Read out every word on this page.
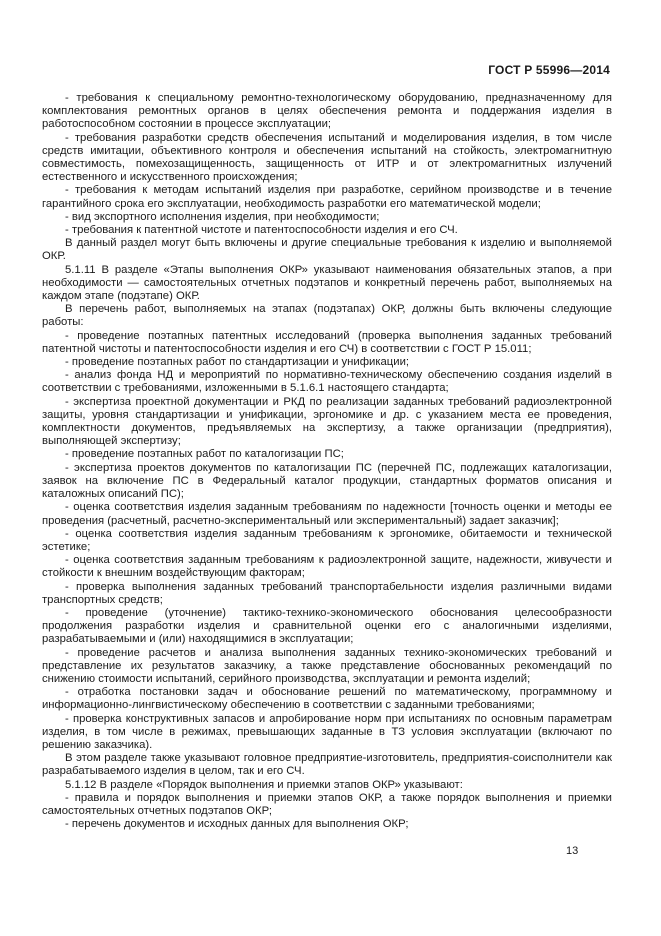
ГОСТ Р 55996—2014

- требования к специальному ремонтно-технологическому оборудованию, предназначенному для комплектования ремонтных органов в целях обеспечения ремонта и поддержания изделия в работоспособном состоянии в процессе эксплуатации;

- требования разработки средств обеспечения испытаний и моделирования изделия, в том числе средств имитации, объективного контроля и обеспечения испытаний на стойкость, электромагнитную совместимость, помехозащищенность, защищенность от ИТР и от электромагнитных излучений естественного и искусственного происхождения;

- требования к методам испытаний изделия при разработке, серийном производстве и в течение гарантийного срока его эксплуатации, необходимость разработки его математической модели;

- вид экспортного исполнения изделия, при необходимости;

- требования к патентной чистоте и патентоспособности изделия и его СЧ.

В данный раздел могут быть включены и другие специальные требования к изделию и выполняемой ОКР.

5.1.11 В разделе «Этапы выполнения ОКР» указывают наименования обязательных этапов, а при необходимости — самостоятельных отчетных подэтапов и конкретный перечень работ, выполняемых на каждом этапе (подэтапе) ОКР.

В перечень работ, выполняемых на этапах (подэтапах) ОКР, должны быть включены следующие работы:

- проведение поэтапных патентных исследований (проверка выполнения заданных требований патентной чистоты и патентоспособности изделия и его СЧ) в соответствии с ГОСТ Р 15.011;

- проведение поэтапных работ по стандартизации и унификации;

- анализ фонда НД и мероприятий по нормативно-техническому обеспечению создания изделий в соответствии с требованиями, изложенными в 5.1.6.1 настоящего стандарта;

- экспертиза проектной документации и РКД по реализации заданных требований радиоэлектронной защиты, уровня стандартизации и унификации, эргономике и др. с указанием места ее проведения, комплектности документов, предъявляемых на экспертизу, а также организации (предприятия), выполняющей экспертизу;

- проведение поэтапных работ по каталогизации ПС;

- экспертиза проектов документов по каталогизации ПС (перечней ПС, подлежащих каталогизации, заявок на включение ПС в Федеральный каталог продукции, стандартных форматов описания и каталожных описаний ПС);

- оценка соответствия изделия заданным требованиям по надежности [точность оценки и методы ее проведения (расчетный, расчетно-экспериментальный или экспериментальный) задает заказчик];

- оценка соответствия изделия заданным требованиям к эргономике, обитаемости и технической эстетике;

- оценка соответствия заданным требованиям к радиоэлектронной защите, надежности, живучести и стойкости к внешним воздействующим факторам;

- проверка выполнения заданных требований транспортабельности изделия различными видами транспортных средств;

- проведение (уточнение) тактико-технико-экономического обоснования целесообразности продолжения разработки изделия и сравнительной оценки его с аналогичными изделиями, разрабатываемыми и (или) находящимися в эксплуатации;

- проведение расчетов и анализа выполнения заданных технико-экономических требований и представление их результатов заказчику, а также представление обоснованных рекомендаций по снижению стоимости испытаний, серийного производства, эксплуатации и ремонта изделий;

- отработка постановки задач и обоснование решений по математическому, программному и информационно-лингвистическому обеспечению в соответствии с заданными требованиями;

- проверка конструктивных запасов и апробирование норм при испытаниях по основным параметрам изделия, в том числе в режимах, превышающих заданные в ТЗ условия эксплуатации (включают по решению заказчика).

В этом разделе также указывают головное предприятие-изготовитель, предприятия-соисполнители как разрабатываемого изделия в целом, так и его СЧ.

5.1.12 В разделе «Порядок выполнения и приемки этапов ОКР» указывают:

- правила и порядок выполнения и приемки этапов ОКР, а также порядок выполнения и приемки самостоятельных отчетных подэтапов ОКР;

- перечень документов и исходных данных для выполнения ОКР;

13
